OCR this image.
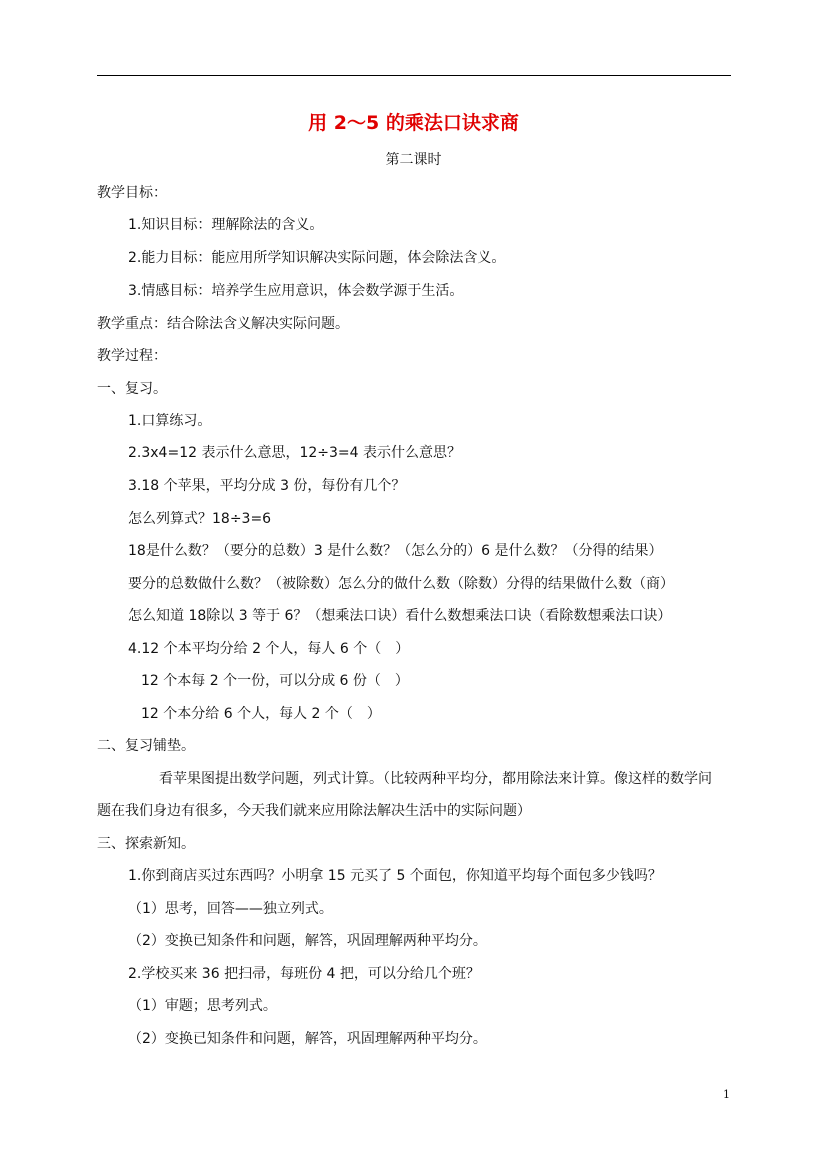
用 2～5 的乘法口诀求商
第二课时
教学目标：
1.知识目标：理解除法的含义。
2.能力目标：能应用所学知识解决实际问题，体会除法含义。
3.情感目标：培养学生应用意识，体会数学源于生活。
教学重点：结合除法含义解决实际问题。
教学过程：
一、复习。
1.口算练习。
2.3x4=12 表示什么意思，12÷3=4 表示什么意思？
3.18 个苹果，平均分成 3 份，每份有几个？
怎么列算式？18÷3=6
18是什么数？（要分的总数）3 是什么数？（怎么分的）6 是什么数？（分得的结果）
要分的总数做什么数？（被除数）怎么分的做什么数（除数）分得的结果做什么数（商）
怎么知道 18除以 3 等于 6？（想乘法口诀）看什么数想乘法口诀（看除数想乘法口诀）
4.12 个本平均分给 2 个人，每人 6 个（　）
12 个本每 2 个一份，可以分成 6 份（　）
12 个本分给 6 个人，每人 2 个（　）
二、复习铺垫。
看苹果图提出数学问题，列式计算。（比较两种平均分，都用除法来计算。像这样的数学问
题在我们身边有很多，今天我们就来应用除法解决生活中的实际问题）
三、探索新知。
1.你到商店买过东西吗？小明拿 15 元买了 5 个面包，你知道平均每个面包多少钱吗？
（1）思考，回答——独立列式。
（2）变换已知条件和问题，解答，巩固理解两种平均分。
2.学校买来 36 把扫帚，每班份 4 把，可以分给几个班？
（1）审题；思考列式。
（2）变换已知条件和问题，解答，巩固理解两种平均分。
1
